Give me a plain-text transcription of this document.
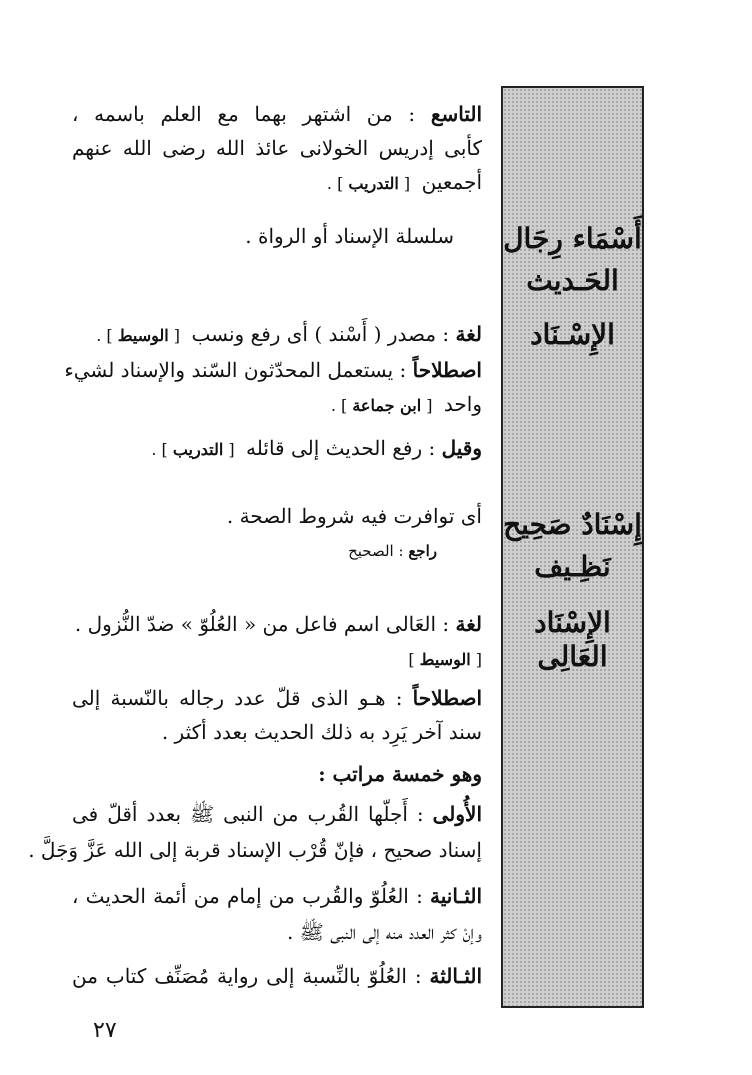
أَسْمَاء رِجَال
الحَـديث
الإِسْـنَاد
إِسْنَادٌ صَحِيح
نَظِـيف
الإِسْنَاد العَالِى
التاسع : من اشتهر بهما مع العلم باسمه ،
كأبى إدريس الخولانى عائذ الله رضى الله عنهم
أجمعين  [ التدريب ] .
سلسلة الإسناد أو الرواة .
لغة : مصدر ( أَسْند ) أى رفع ونسب  [ الوسيط ] .
اصطلاحاً : يستعمل المحدّثون السّند والإسناد لشيء
واحد  [ ابن جماعة ] .
وقيل : رفع الحديث إلى قائله  [ التدريب ] .
أى توافرت فيه شروط الصحة .
راجع : الصحيح
لغة : العَالى اسم فاعل من « العُلُوّ » ضدّ النُّزول .
[ الوسيط ]
اصطلاحاً : هـو الذى قلّ عدد رجاله بالنّسبة إلى
سند آخر يَرِد به ذلك الحديث بعدد أكثر .
وهو خمسة مراتب :
الأُولى : أَجلّها القُرب من النبى ﷺ بعدد أقلّ فى
إسناد صحيح ، فإنّ قُرْب الإسناد قربة إلى الله عَزَّ وَجَلَّ .
الثـانية : العُلُوّ والقُرب من إمام من أئمة الحديث ،
وإنْ كثر العدد منه إلى النبى ﷺ .
الثـالثة : العُلُوّ بالنِّسبة إلى رواية مُصَنِّف كتاب من
٢٧
